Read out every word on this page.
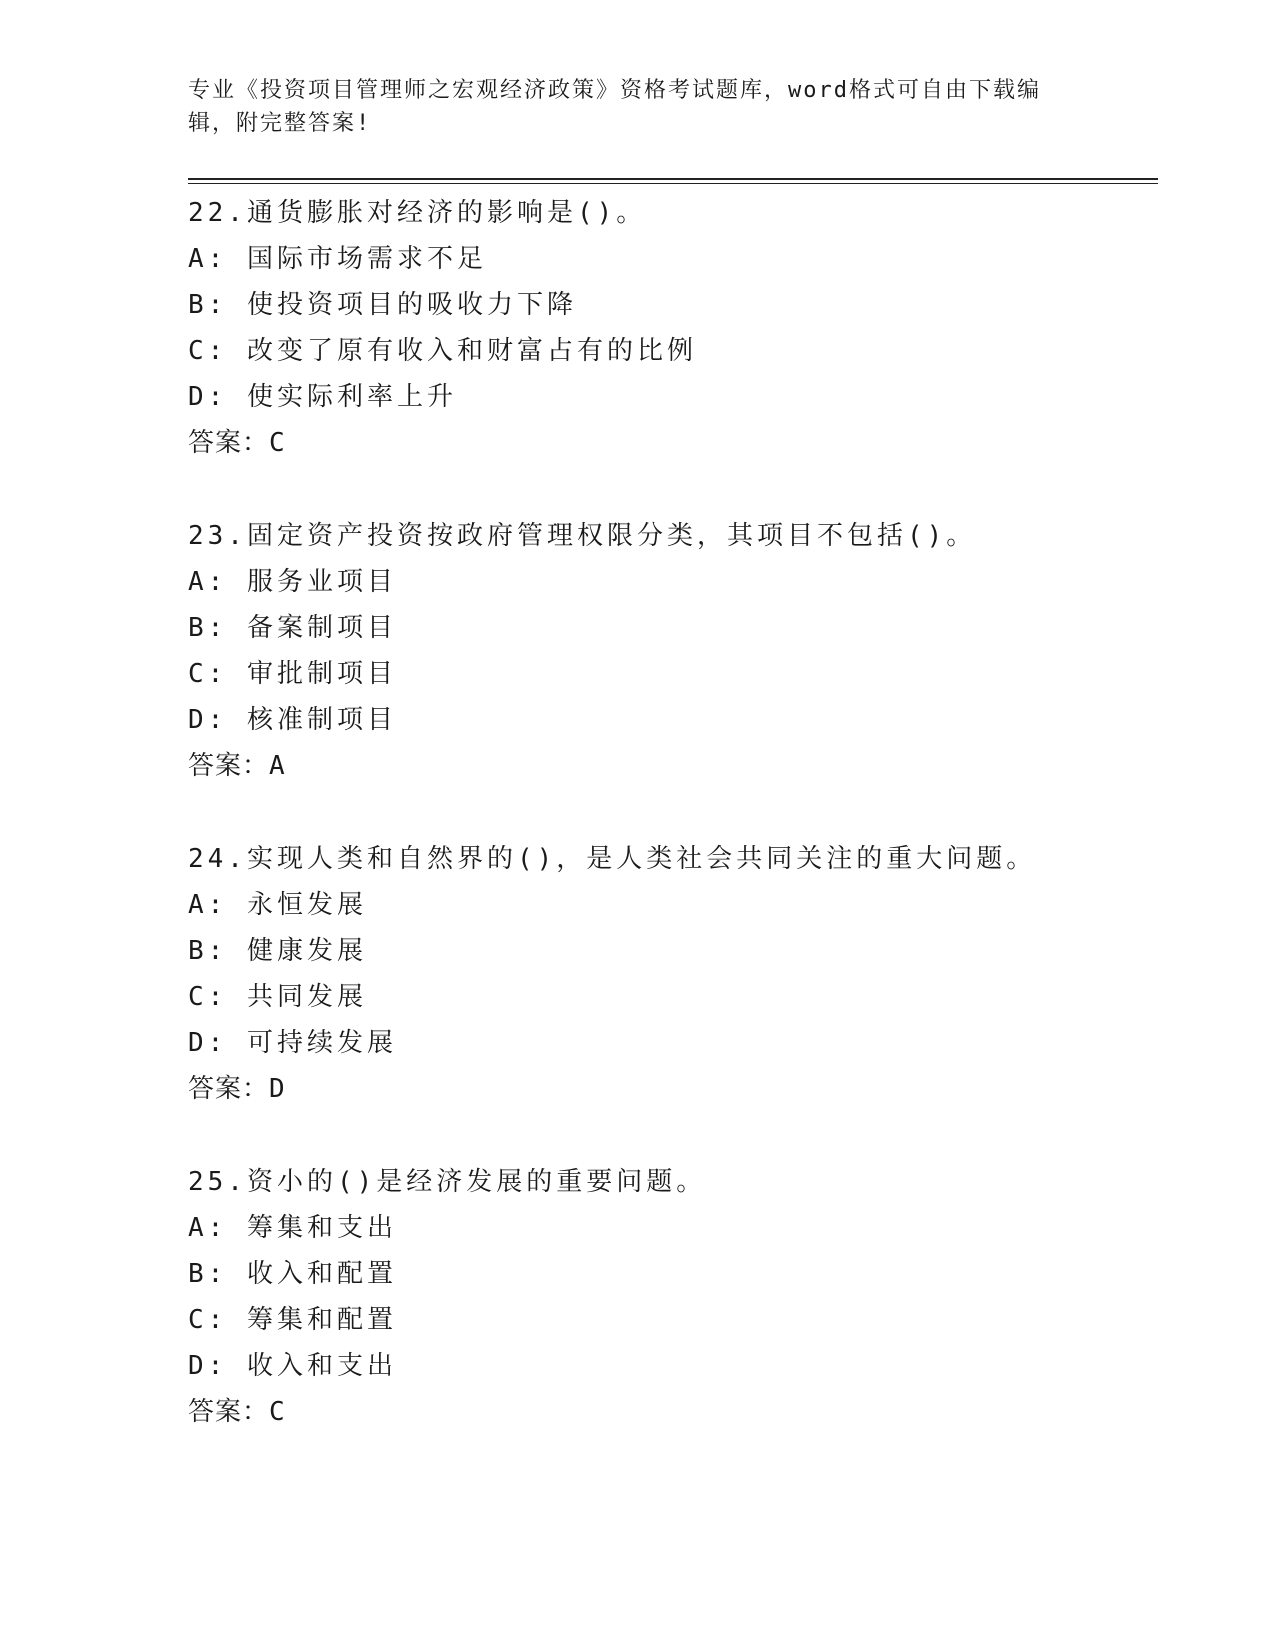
专业《投资项目管理师之宏观经济政策》资格考试题库，word格式可自由下载编
辑，附完整答案!
22.通货膨胀对经济的影响是()。
A: 国际市场需求不足
B: 使投资项目的吸收力下降
C: 改变了原有收入和财富占有的比例
D: 使实际利率上升
答案：C
23.固定资产投资按政府管理权限分类，其项目不包括()。
A: 服务业项目
B: 备案制项目
C: 审批制项目
D: 核准制项目
答案：A
24.实现人类和自然界的()，是人类社会共同关注的重大问题。
A: 永恒发展
B: 健康发展
C: 共同发展
D: 可持续发展
答案：D
25.资小的()是经济发展的重要问题。
A: 筹集和支出
B: 收入和配置
C: 筹集和配置
D: 收入和支出
答案：C
